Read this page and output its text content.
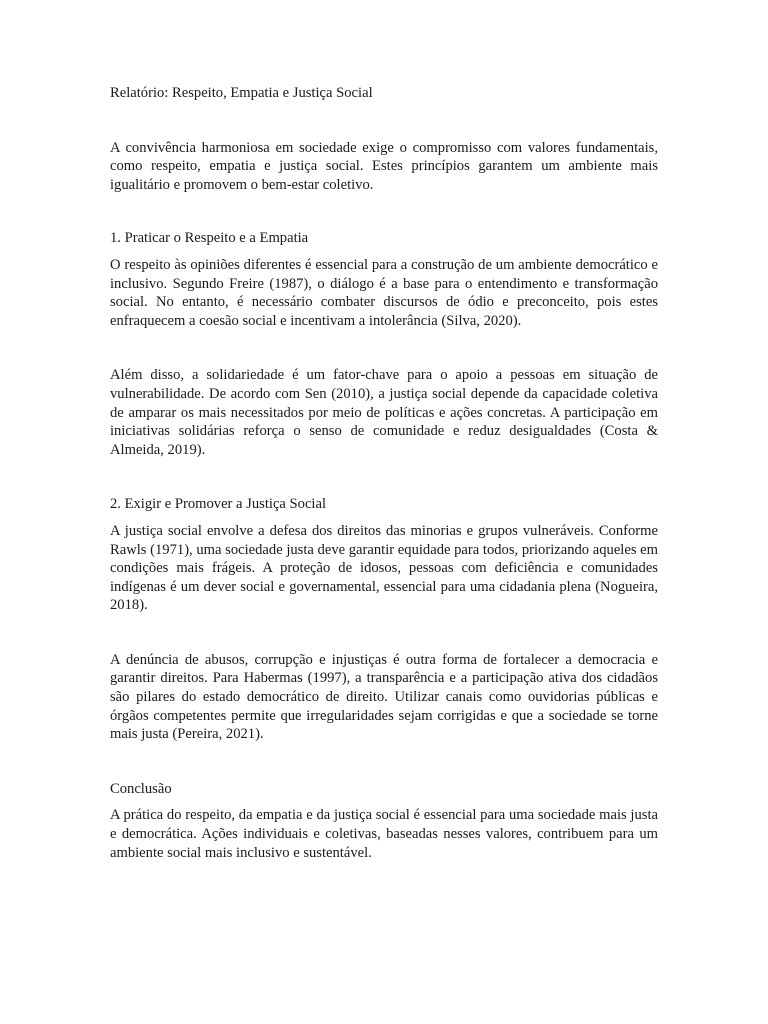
Relatório: Respeito, Empatia e Justiça Social

A convivência harmoniosa em sociedade exige o compromisso com valores fundamentais, como respeito, empatia e justiça social. Estes princípios garantem um ambiente mais igualitário e promovem o bem-estar coletivo.

1. Praticar o Respeito e a Empatia

O respeito às opiniões diferentes é essencial para a construção de um ambiente democrático e inclusivo. Segundo Freire (1987), o diálogo é a base para o entendimento e transformação social. No entanto, é necessário combater discursos de ódio e preconceito, pois estes enfraquecem a coesão social e incentivam a intolerância (Silva, 2020).

Além disso, a solidariedade é um fator-chave para o apoio a pessoas em situação de vulnerabilidade. De acordo com Sen (2010), a justiça social depende da capacidade coletiva de amparar os mais necessitados por meio de políticas e ações concretas. A participação em iniciativas solidárias reforça o senso de comunidade e reduz desigualdades (Costa & Almeida, 2019).

2. Exigir e Promover a Justiça Social

A justiça social envolve a defesa dos direitos das minorias e grupos vulneráveis. Conforme Rawls (1971), uma sociedade justa deve garantir equidade para todos, priorizando aqueles em condições mais frágeis. A proteção de idosos, pessoas com deficiência e comunidades indígenas é um dever social e governamental, essencial para uma cidadania plena (Nogueira, 2018).

A denúncia de abusos, corrupção e injustiças é outra forma de fortalecer a democracia e garantir direitos. Para Habermas (1997), a transparência e a participação ativa dos cidadãos são pilares do estado democrático de direito. Utilizar canais como ouvidorias públicas e órgãos competentes permite que irregularidades sejam corrigidas e que a sociedade se torne mais justa (Pereira, 2021).

Conclusão

A prática do respeito, da empatia e da justiça social é essencial para uma sociedade mais justa e democrática. Ações individuais e coletivas, baseadas nesses valores, contribuem para um ambiente social mais inclusivo e sustentável.
